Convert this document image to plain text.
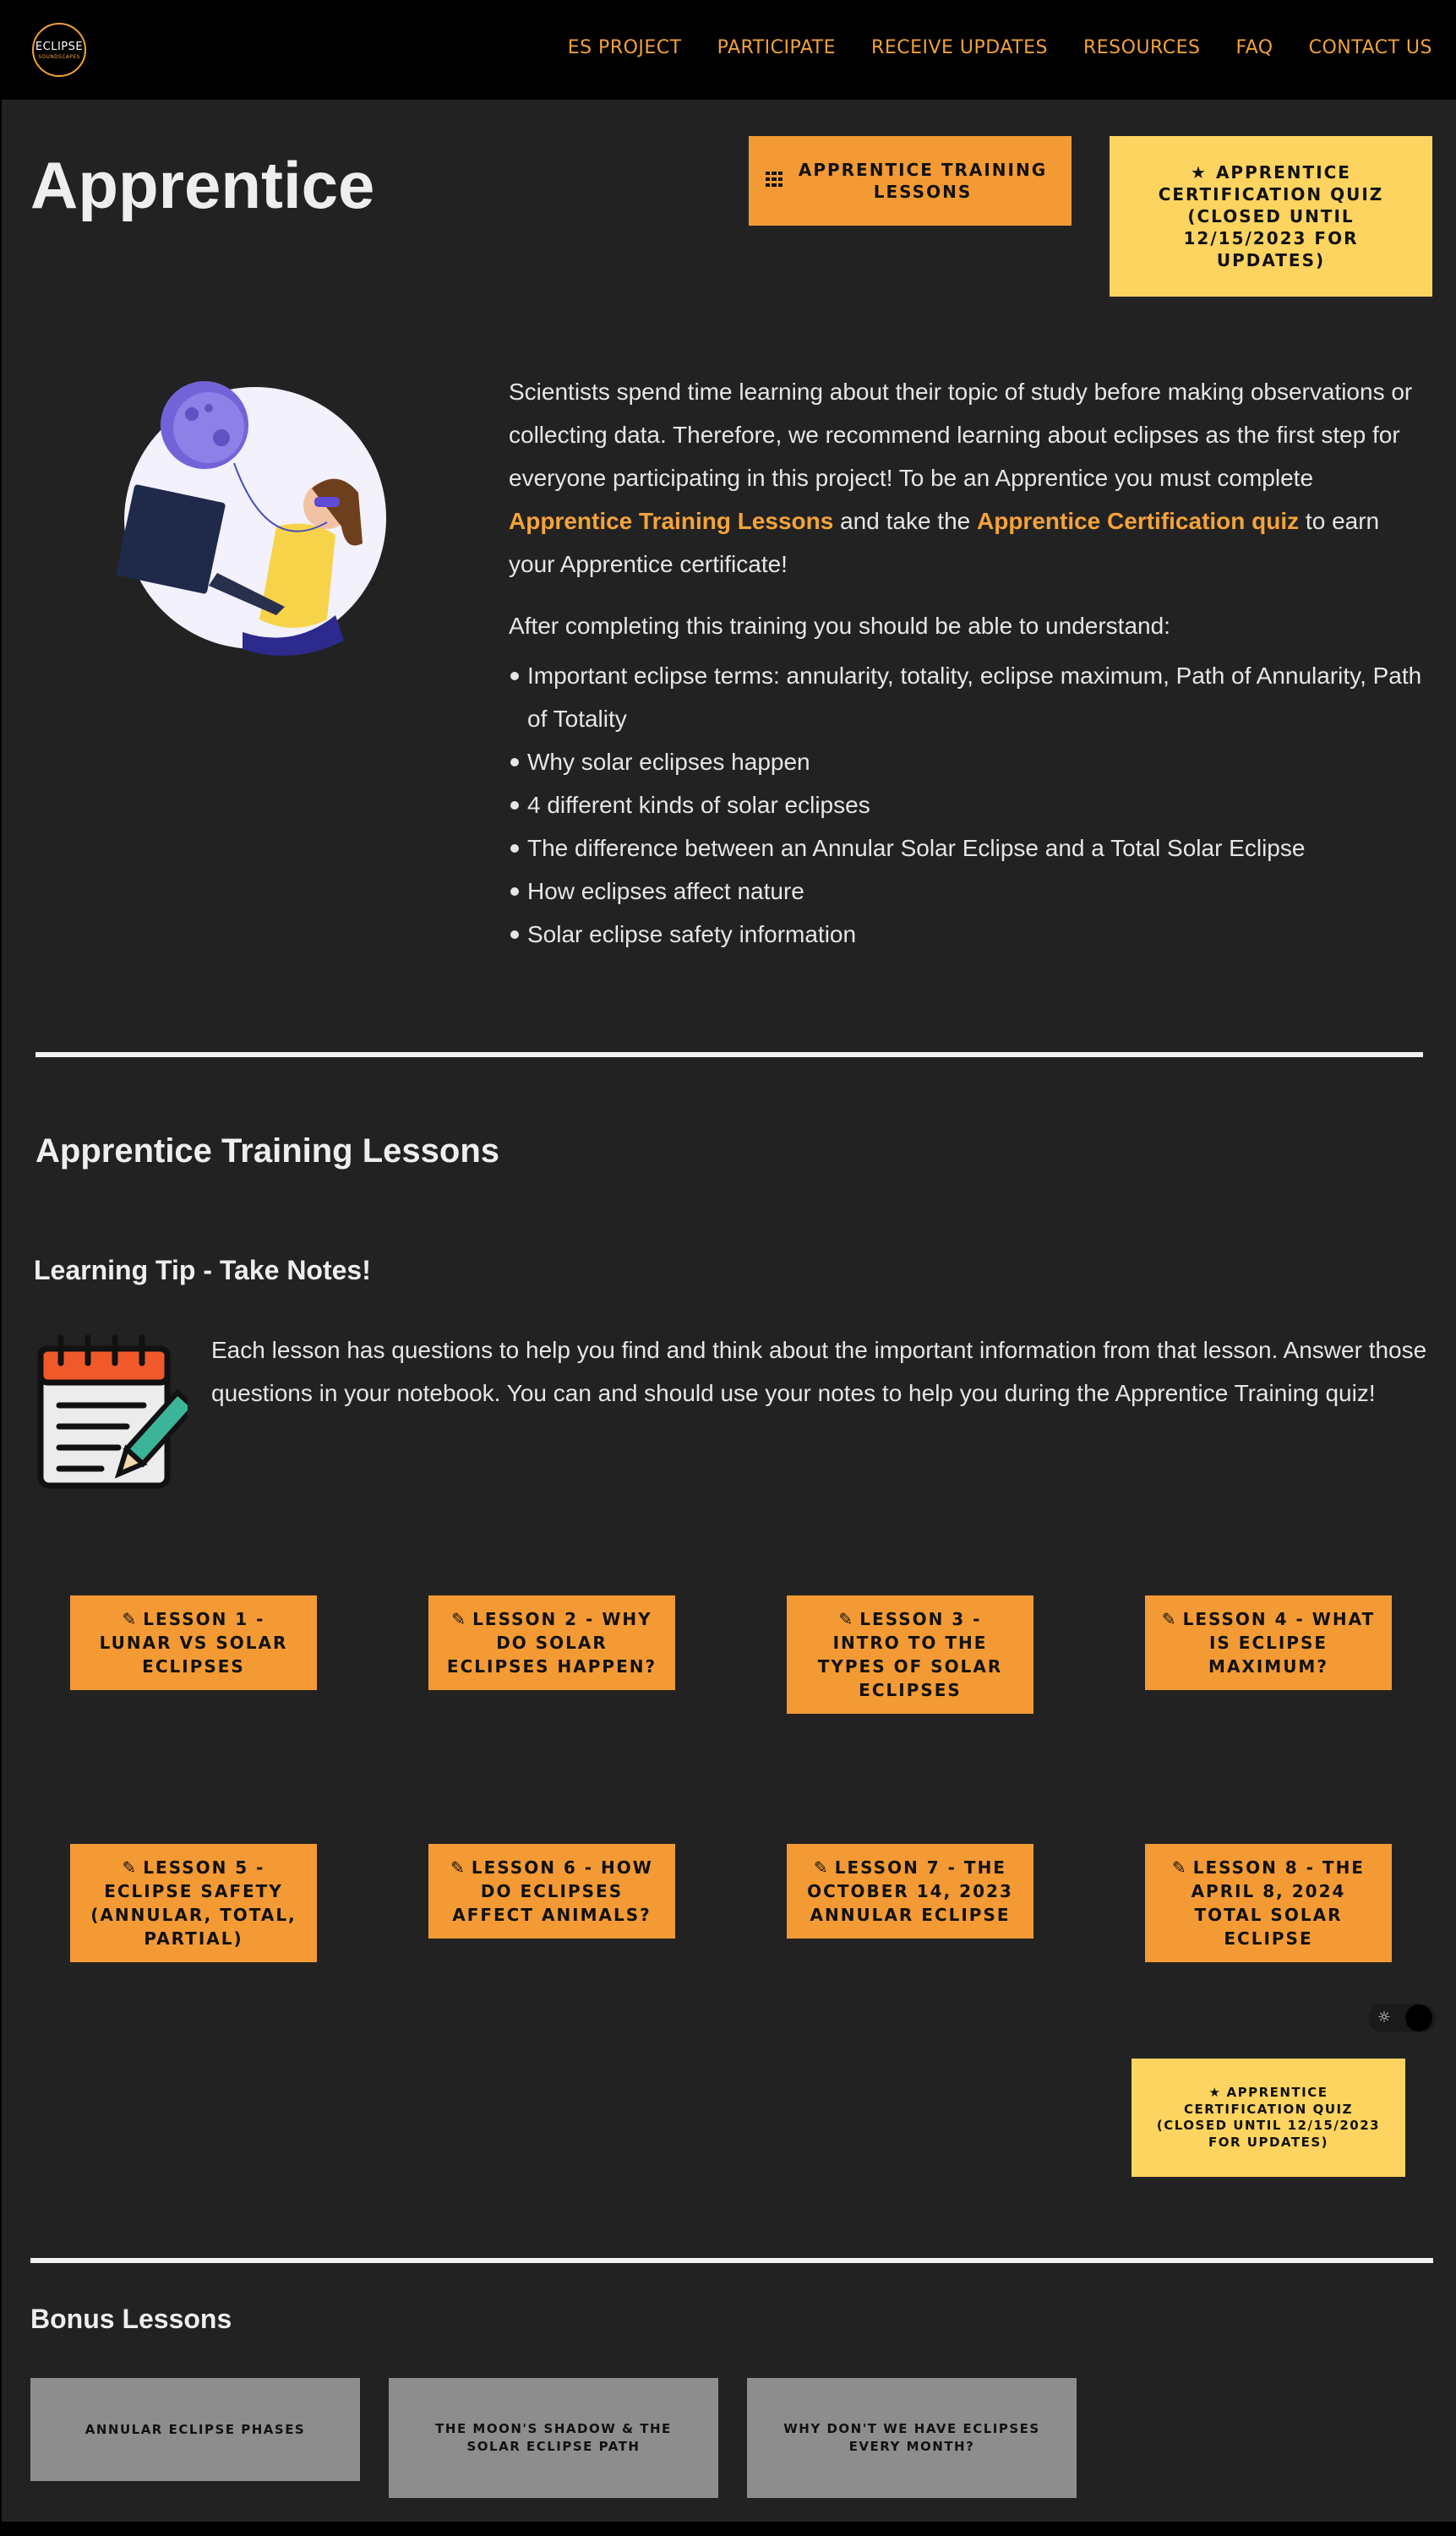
ECLIPSE
SOUNDSCAPES	ES PROJECT PARTICIPATE RECEIVE UPDATES RESOURCES FAQ CONTACT US
Apprentice	APPRENTICE TRAINING LESSONS
★ APPRENTICE CERTIFICATION QUIZ (CLOSED UNTIL 12/15/2023 FOR UPDATES)

Scientists spend time learning about their topic of study before making observations or collecting data. Therefore, we recommend learning about eclipses as the first step for everyone participating in this project! To be an Apprentice you must complete Apprentice Training Lessons and take the Apprentice Certification quiz to earn your Apprentice certificate!

After completing this training you should be able to understand:

Important eclipse terms: annularity, totality, eclipse maximum, Path of Annularity, Path of Totality
Why solar eclipses happen
4 different kinds of solar eclipses
The difference between an Annular Solar Eclipse and a Total Solar Eclipse
How eclipses affect nature
Solar eclipse safety information
Apprentice Training Lessons
Learning Tip - Take Notes!

Each lesson has questions to help you find and think about the important information from that lesson. Answer those questions in your notebook. You can and should use your notes to help you during the Apprentice Training quiz!

✎ LESSON 1 - LUNAR VS SOLAR ECLIPSES
✎ LESSON 2 - WHY DO SOLAR ECLIPSES HAPPEN?
✎ LESSON 3 - INTRO TO THE TYPES OF SOLAR ECLIPSES
✎ LESSON 4 - WHAT IS ECLIPSE MAXIMUM?
✎ LESSON 5 - ECLIPSE SAFETY (ANNULAR, TOTAL, PARTIAL)
✎ LESSON 6 - HOW DO ECLIPSES AFFECT ANIMALS?
✎ LESSON 7 - THE OCTOBER 14, 2023 ANNULAR ECLIPSE
✎ LESSON 8 - THE APRIL 8, 2024 TOTAL SOLAR ECLIPSE
☼
★ APPRENTICE CERTIFICATION QUIZ (CLOSED UNTIL 12/15/2023 FOR UPDATES)
Bonus Lessons
ANNULAR ECLIPSE PHASES	THE MOON'S SHADOW & THE SOLAR ECLIPSE PATH
WHY DON'T WE HAVE ECLIPSES EVERY MONTH?
